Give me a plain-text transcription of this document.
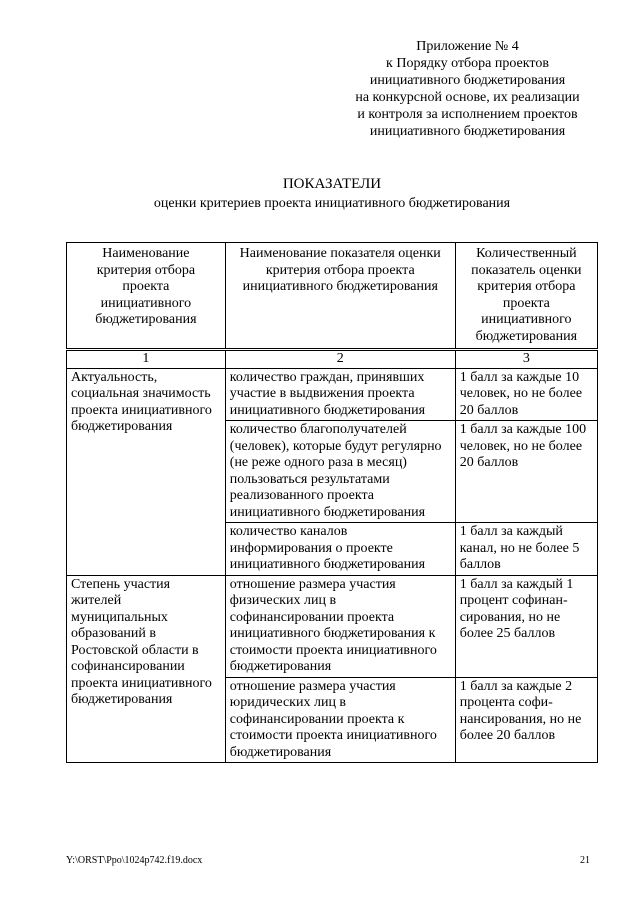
Приложение № 4
к Порядку отбора проектов
инициативного бюджетирования
на конкурсной основе, их реализации
и контроля за исполнением проектов
инициативного бюджетирования
ПОКАЗАТЕЛИ
оценки критериев проекта инициативного бюджетирования
Наименование критерия отбора проекта инициативного бюджетирования	Наименование показателя оценки критерия отбора проекта инициативного бюджетирования	Количественный показатель оценки критерия отбора проекта инициативного бюджетирования
1	2	3
Актуальность, социальная значимость проекта инициативного бюджетирования	количество граждан, принявших участие в выдвижения проекта инициативного бюджетирования	1 балл за каждые 10 человек, но не более 20 баллов
	количество благополучателей (человек), которые будут регулярно (не реже одного раза в месяц) пользоваться результатами реализованного проекта инициативного бюджетирования	1 балл за каждые 100 человек, но не более 20 баллов
	количество каналов информирования о проекте инициативного бюджетирования	1 балл за каждый канал, но не более 5 баллов
Степень участия жителей муниципальных образований в Ростовской области в софинансировании проекта инициативного бюджетирования	отношение размера участия физических лиц в софинансировании проекта инициативного бюджетирования к стоимости проекта инициативного бюджетирования	1 балл за каждый 1 процент софинан-сирования, но не более 25 баллов
	отношение размера участия юридических лиц в софинансировании проекта к стоимости проекта инициативного бюджетирования	1 балл за каждые 2 процента софи-нансирования, но не более 20 баллов
Y:\ORST\Ppo\1024p742.f19.docx	21
